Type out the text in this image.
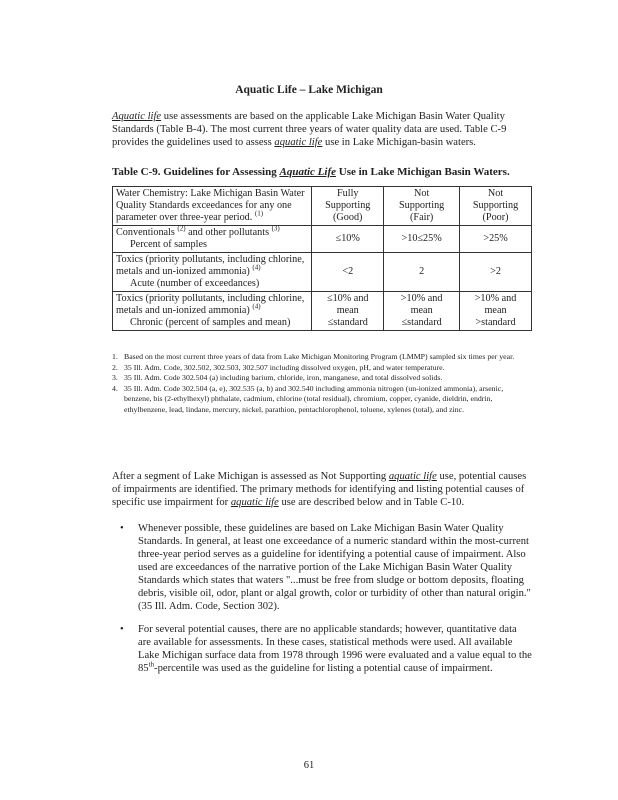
Aquatic Life – Lake Michigan

Aquatic life use assessments are based on the applicable Lake Michigan Basin Water Quality Standards (Table B-4). The most current three years of water quality data are used. Table C-9 provides the guidelines used to assess aquatic life use in Lake Michigan-basin waters.

Table C-9. Guidelines for Assessing Aquatic Life Use in Lake Michigan Basin Waters.

Water Chemistry: Lake Michigan Basin Water Quality Standards exceedances for any one parameter over three-year period. $^{(1)}$	Fully
Supporting
(Good)	Not
Supporting
(Fair)	Not
Supporting
(Poor)
Conventionals $^{(2)}$ and other pollutants $^{(3)}$
Percent of samples	≤10%	>10≤25%	>25%
Toxics (priority pollutants, including chlorine, metals and un-ionized ammonia) $^{(4)}$
Acute (number of exceedances)	<2	2	>2
Toxics (priority pollutants, including chlorine, metals and un-ionized ammonia) $^{(4)}$
Chronic (percent of samples and mean)	≤10% and
mean
≤standard	>10% and
mean
≤standard	>10% and
mean
>standard
1. Based on the most current three years of data from Lake Michigan Monitoring Program (LMMP) sampled six times per year.
2. 35 Ill. Adm. Code, 302.502, 302.503, 302.507 including dissolved oxygen, pH, and water temperature.
3. 35 Ill. Adm. Code 302.504 (a) including barium, chloride, iron, manganese, and total dissolved solids.
4. 35 Ill. Adm. Code 302.504 (a, e), 302.535 (a, b) and 302.540 including ammonia nitrogen (un-ionized ammonia), arsenic, benzene, bis (2-ethylhexyl) phthalate, cadmium, chlorine (total residual), chromium, copper, cyanide, dieldrin, endrin, ethylbenzene, lead, lindane, mercury, nickel, parathion, pentachlorophenol, toluene, xylenes (total), and zinc.

After a segment of Lake Michigan is assessed as Not Supporting aquatic life use, potential causes of impairments are identified. The primary methods for identifying and listing potential causes of specific use impairment for aquatic life use are described below and in Table C-10.

• Whenever possible, these guidelines are based on Lake Michigan Basin Water Quality Standards. In general, at least one exceedance of a numeric standard within the most-current three-year period serves as a guideline for identifying a potential cause of impairment. Also used are exceedances of the narrative portion of the Lake Michigan Basin Water Quality Standards which states that waters "...must be free from sludge or bottom deposits, floating debris, visible oil, odor, plant or algal growth, color or turbidity of other than natural origin." (35 Ill. Adm. Code, Section 302).
• For several potential causes, there are no applicable standards; however, quantitative data are available for assessments. In these cases, statistical methods were used. All available Lake Michigan surface data from 1978 through 1996 were evaluated and a value equal to the 85th-percentile was used as the guideline for listing a potential cause of impairment.
61
